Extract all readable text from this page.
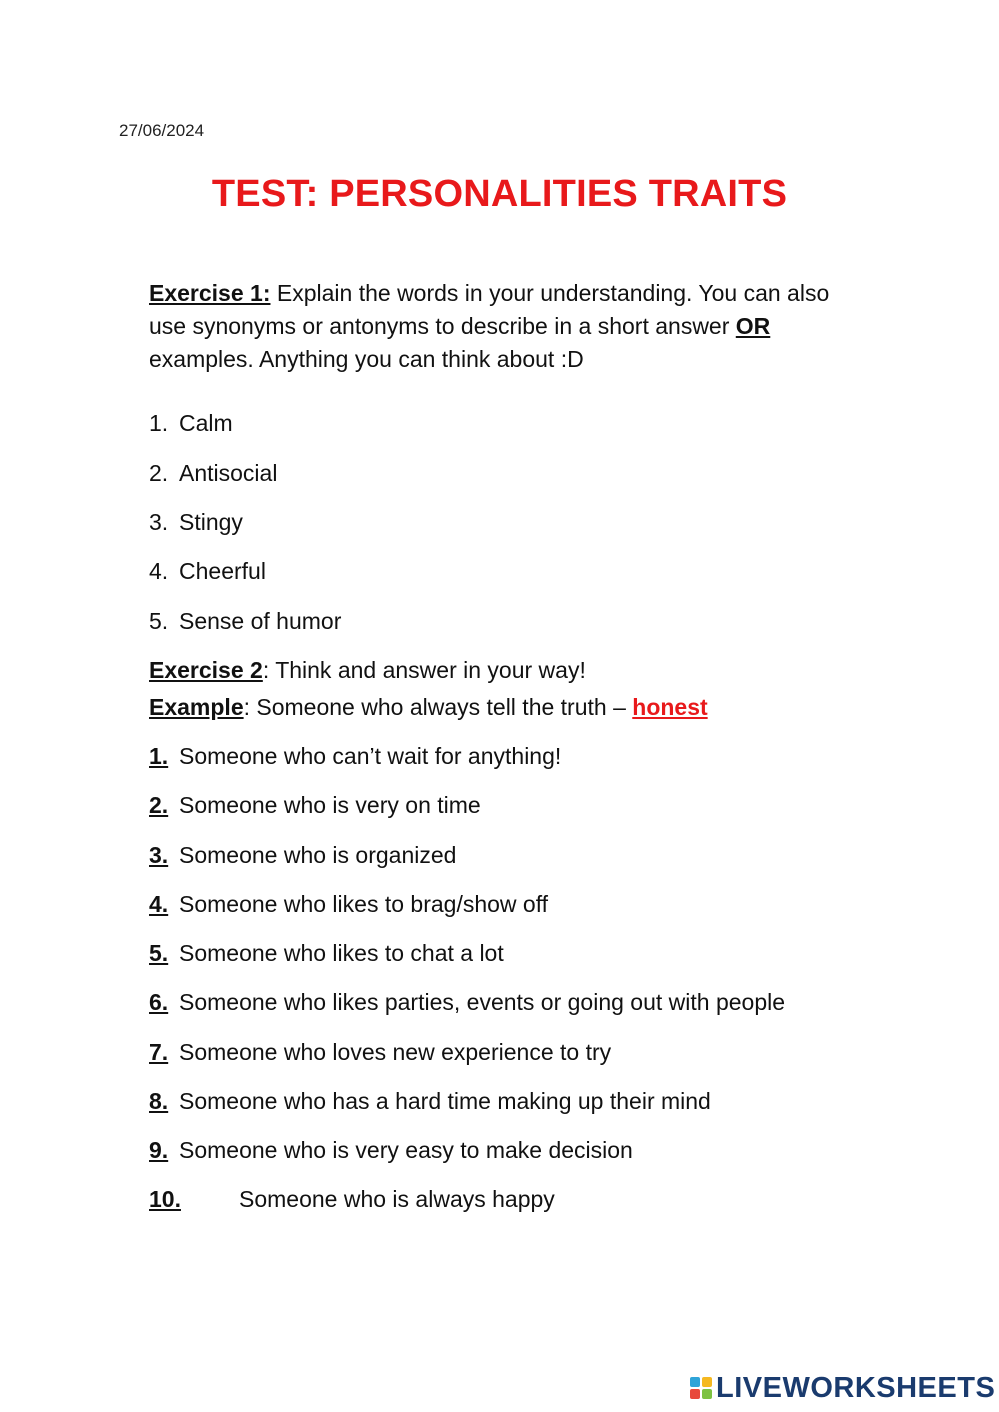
27/06/2024
TEST: PERSONALITIES TRAITS
Exercise 1: Explain the words in your understanding. You can also use synonyms or antonyms to describe in a short answer OR examples. Anything you can think about :D
1. Calm
2. Antisocial
3. Stingy
4. Cheerful
5. Sense of humor
Exercise 2: Think and answer in your way!
Example: Someone who always tell the truth – honest
1. Someone who can’t wait for anything!
2. Someone who is very on time
3. Someone who is organized
4. Someone who likes to brag/show off
5. Someone who likes to chat a lot
6. Someone who likes parties, events or going out with people
7. Someone who loves new experience to try
8. Someone who has a hard time making up their mind
9. Someone who is very easy to make decision
10.	Someone who is always happy
LIVEWORKSHEETS
